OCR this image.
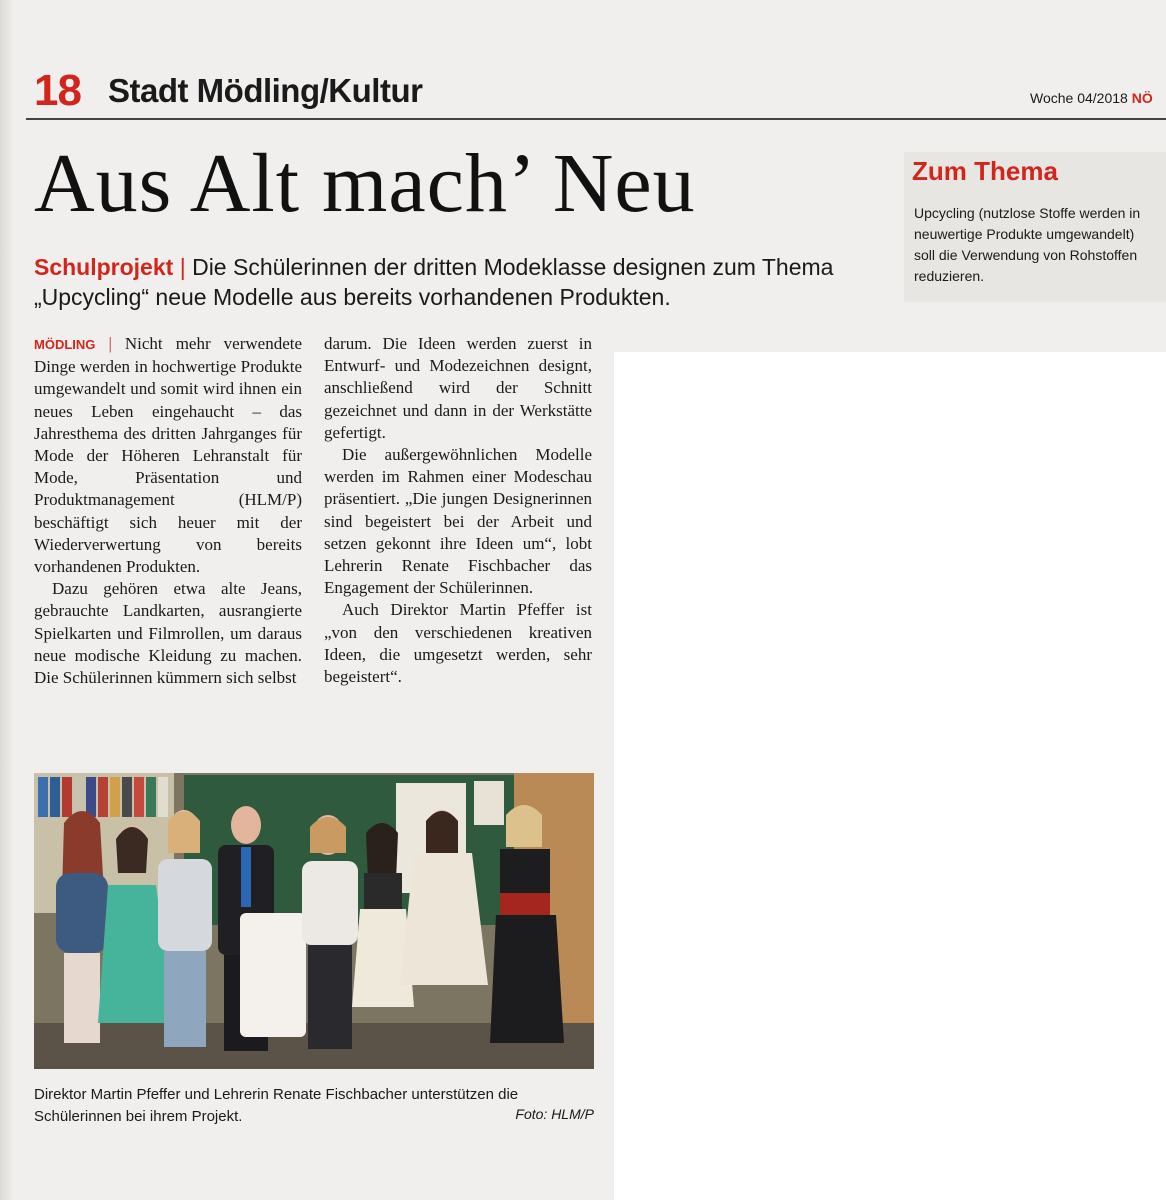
18 Stadt Mödling/Kultur	Woche 04/2018 NÖ
Aus Alt mach’ Neu
Schulprojekt | Die Schülerinnen der dritten Modeklasse designen zum Thema „Upcycling“ neue Modelle aus bereits vorhandenen Produkten.
Zum Thema
Upcycling (nutzlose Stoffe werden in neuwertige Produkte umgewandelt) soll die Verwendung von Rohstoffen reduzieren.

MÖDLING | Nicht mehr verwendete Dinge werden in hochwertige Produkte umgewandelt und somit wird ihnen ein neues Leben eingehaucht – das Jahresthema des dritten Jahrganges für Mode der Höheren Lehranstalt für Mode, Präsentation und Produktmanagement (HLM/P) beschäftigt sich heuer mit der Wiederverwertung von bereits vorhandenen Produkten.

Dazu gehören etwa alte Jeans, gebrauchte Landkarten, ausrangierte Spielkarten und Filmrollen, um daraus neue modische Kleidung zu machen. Die Schülerinnen kümmern sich selbst

darum. Die Ideen werden zuerst in Entwurf- und Modezeichnen designt, anschließend wird der Schnitt gezeichnet und dann in der Werkstätte gefertigt.

Die außergewöhnlichen Modelle werden im Rahmen einer Modeschau präsentiert. „Die jungen Designerinnen sind begeistert bei der Arbeit und setzen gekonnt ihre Ideen um“, lobt Lehrerin Renate Fischbacher das Engagement der Schülerinnen.

Auch Direktor Martin Pfeffer ist „von den verschiedenen kreativen Ideen, die umgesetzt werden, sehr begeistert“.

Direktor Martin Pfeffer und Lehrerin Renate Fischbacher unterstützen die Schülerinnen bei ihrem Projekt.	Foto: HLM/P
